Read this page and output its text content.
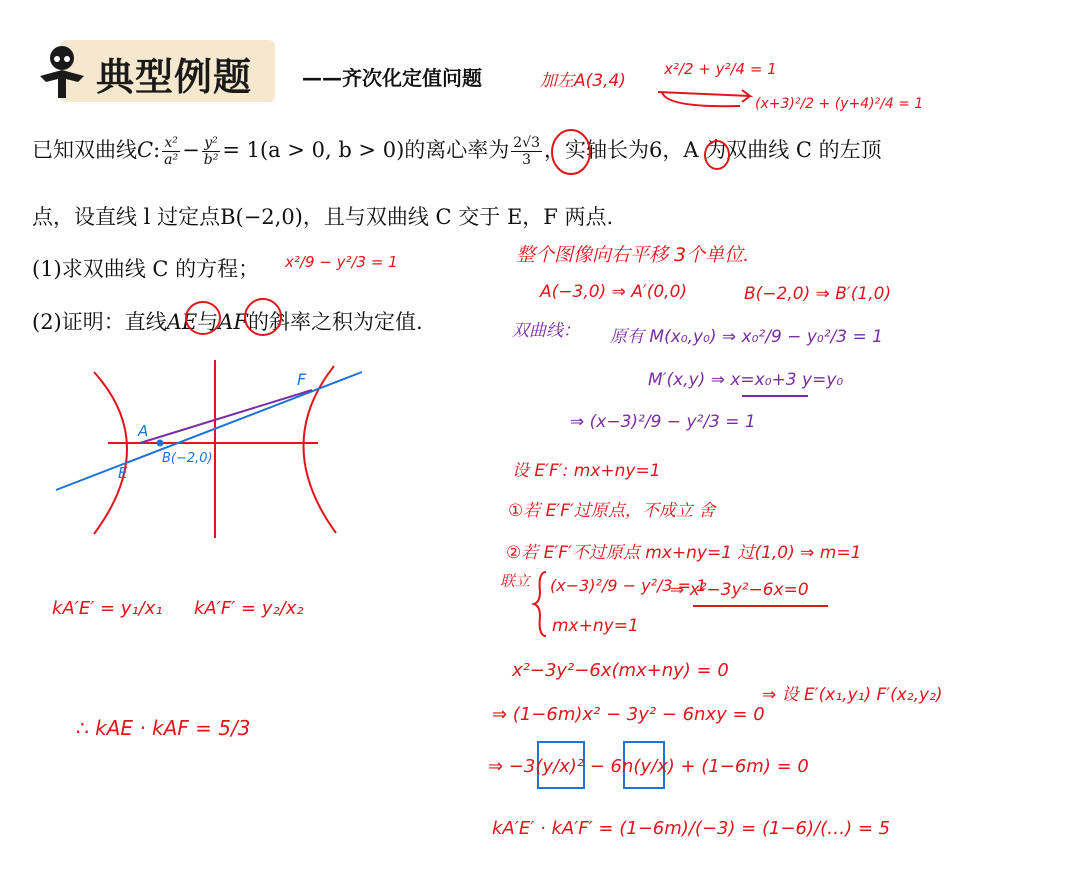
典型例题 ——齐次化定值问题
已知双曲线C: $\frac{\text{x²}}{\text{a²}} - \frac{\text{y²}}{\text{b²}} = 1(a > 0$, b > 0)的离心率为 $\frac{2√3}{3}$ ，实轴长为6，A 为双曲线 C 的左顶
点，设直线 l 过定点B(−2,0)，且与双曲线 C 交于 E，F 两点.
(1)求双曲线 C 的方程；
(2)证明：直线AE与AF的斜率之积为定值.
F
A
E
B(−2,0)
加左A(3,4)
x²/2 + y²/4 = 1
(x+3)²/2 + (y+4)²/4 = 1
x²/9 − y²/3 = 1	整个图像向右平移 3个单位.
A(−3,0) ⇒ A′(0,0)	B(−2,0) ⇒ B′(1,0)
双曲线： 原有 M(x₀,y₀) ⇒ x₀²/9 − y₀²/3 = 1
M′(x,y) ⇒ x=x₀+3 y=y₀
⇒ (x−3)²/9 − y²/3 = 1
设 E′F′: mx+ny=1
①若 E′F′过原点，不成立 舍
②若 E′F′不过原点 mx+ny=1 过(1,0) ⇒ m=1
联立 (x−3)²/9 − y²/3 = 1
mx+ny=1
⇒ x²−3y²−6x=0
x²−3y²−6x(mx+ny) = 0
⇒ 设 E′(x₁,y₁) F′(x₂,y₂)
⇒ (1−6m)x² − 3y² − 6nxy = 0
⇒ −3(y/x)² − 6n(y/x) + (1−6m) = 0
kA′E′ · kA′F′ = (1−6m)/(−3) = (1−6)/(…) = 5
kA′E′ = y₁/x₁ kA′F′ = y₂/x₂
∴ kAE · kAF = 5/3
